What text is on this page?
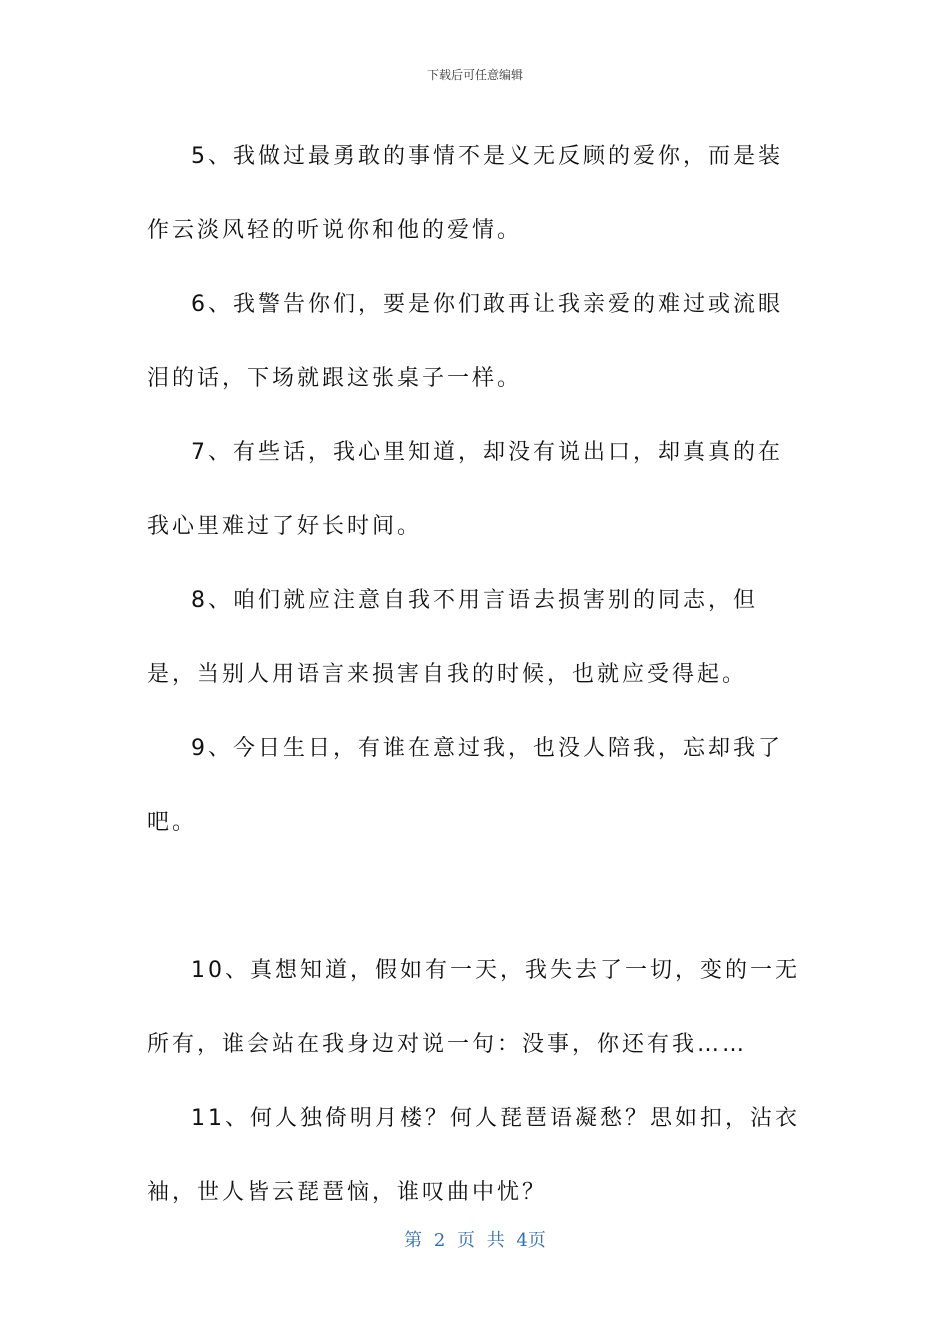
下载后可任意编辑

5、我做过最勇敢的事情不是义无反顾的爱你，而是装作云淡风轻的听说你和他的爱情。

6、我警告你们，要是你们敢再让我亲爱的难过或流眼泪的话，下场就跟这张桌子一样。

7、有些话，我心里知道，却没有说出口，却真真的在我心里难过了好长时间。

8、咱们就应注意自我不用言语去损害别的同志，但是，当别人用语言来损害自我的时候，也就应受得起。

9、今日生日，有谁在意过我，也没人陪我，忘却我了吧。

10、真想知道，假如有一天，我失去了一切，变的一无所有，谁会站在我身边对说一句：没事，你还有我……

11、何人独倚明月楼？何人琵琶语凝愁？思如扣，沾衣袖，世人皆云琵琶恼，谁叹曲中忧？

第 2 页 共 4页
